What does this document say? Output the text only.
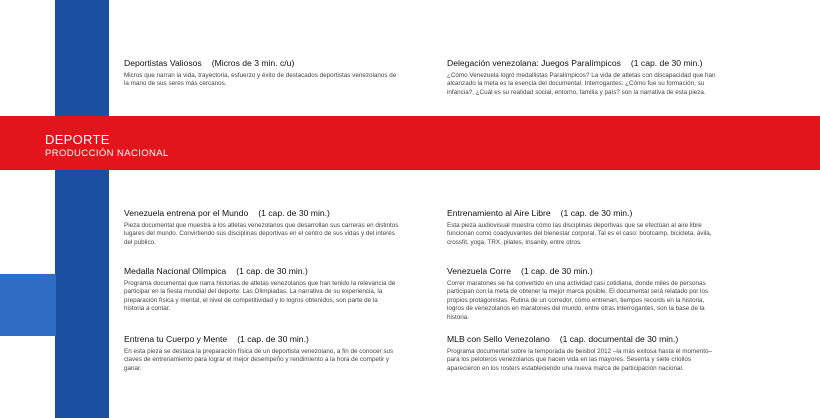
DEPORTE
PRODUCCIÓN NACIONAL
Deportistas Valiosos (Micros de 3 min. c/u)

Micros que narran la vida, trayectoria, esfuerzo y éxito de destacados deportistas venezolanos de la mano de sus seres más cercanos.

Delegación venezolana: Juegos Paralímpicos (1 cap. de 30 min.)

¿Cómo Venezuela logró medallistas Paralímpicos? La vida de atletas con discapacidad que han alcanzado la meta es la esencia del documental. Interrogantes: ¿Cómo fue su formación, su infancia?, ¿Cuál es su realidad social, entorno, familia y país? son la narrativa de esta pieza.

Venezuela entrena por el Mundo (1 cap. de 30 min.)

Pieza documental que muestra a los atletas venezolanos que desarrollan sus carreras en distintos lugares del mundo. Convirtiendo sus disciplinas deportivas en el centro de sus vidas y del interés del público.

Entrenamiento al Aire Libre (1 cap. de 30 min.)

Esta pieza audiovisual muestra cómo las disciplinas deportivas que se efectúan al aire libre funcionan como coadyuvantes del bienestar corporal. Tal es el caso: bootcamp, bicicleta, ávila, crossfit, yoga, TRX, pilates, Insanity, entre otros.

Medalla Nacional Olímpica (1 cap. de 30 min.)

Programa documental que narra historias de atletas venezolanos que han tenido la relevancia de participar en la fiesta mundial del deporte: Las Olimpiadas. La narrativa de su experiencia, la preparación física y mental, el nivel de competitividad y lo logros obtenidos, son parte de la historia a contar.

Venezuela Corre (1 cap. de 30 min.)

Correr maratones se ha convertido en una actividad casi cotidiana, donde miles de personas participan con la meta de obtener la mejor marca posible. El documental será relatado por los propios protagonistas. Rutina de un corredor, cómo entrenan, tiempos records en la historia, logros de venezolanos en maratones del mundo, entre otras interrogantes, son la base de la historia.

Entrena tu Cuerpo y Mente (1 cap. de 30 min.)

En esta pieza se destaca la preparación física de un deportista venezolano, a fin de conocer sus claves de entrenamiento para lograr el mejor desempeño y rendimiento a la hora de competir y ganar.

MLB con Sello Venezolano (1 cap. documental de 30 min.)

Programa documental sobre la temporada de beisbol 2012 –la más exitosa hasta el momento– para los peloteros venezolanos que hacen vida en las mayores. Sesenta y siete criollos aparecieron en los rosters estableciendo una nueva marca de participación nacional.
